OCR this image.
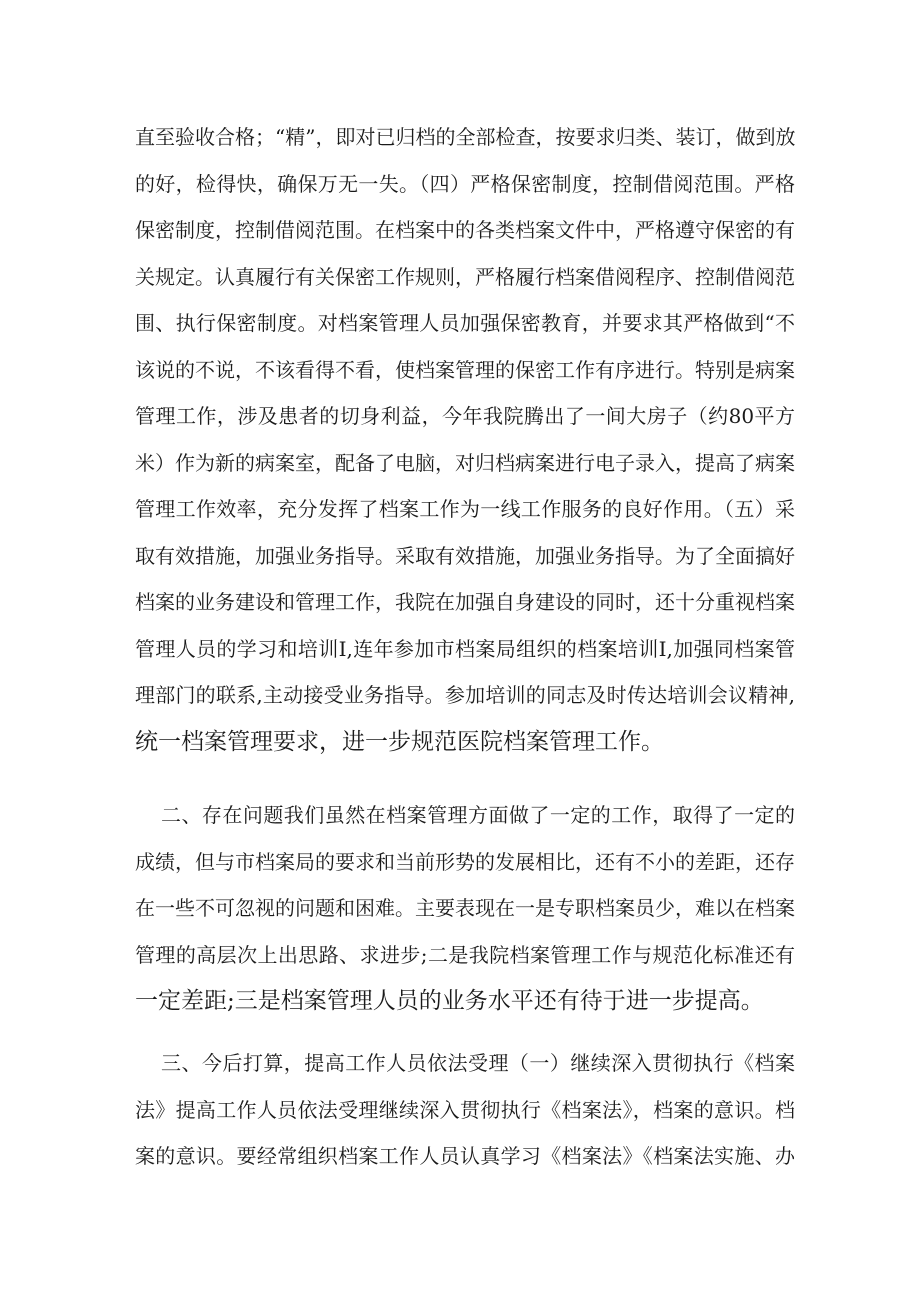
直至验收合格；“精”，即对已归档的全部检查，按要求归类、装订，做到放
的好，检得快，确保万无一失。（四）严格保密制度，控制借阅范围。严格
保密制度，控制借阅范围。在档案中的各类档案文件中，严格遵守保密的有
关规定。认真履行有关保密工作规则，严格履行档案借阅程序、控制借阅范
围、执行保密制度。对档案管理人员加强保密教育，并要求其严格做到“不
该说的不说，不该看得不看，使档案管理的保密工作有序进行。特别是病案
管理工作，涉及患者的切身利益，今年我院腾出了一间大房子（约80平方
米）作为新的病案室，配备了电脑，对归档病案进行电子录入，提高了病案
管理工作效率，充分发挥了档案工作为一线工作服务的良好作用。（五）采
取有效措施，加强业务指导。采取有效措施，加强业务指导。为了全面搞好
档案的业务建设和管理工作，我院在加强自身建设的同时，还十分重视档案
管理人员的学习和培训I,连年参加市档案局组织的档案培训I,加强同档案管
理部门的联系,主动接受业务指导。参加培训的同志及时传达培训会议精神,
统一档案管理要求，进一步规范医院档案管理工作。
二、存在问题我们虽然在档案管理方面做了一定的工作，取得了一定的
成绩，但与市档案局的要求和当前形势的发展相比，还有不小的差距，还存
在一些不可忽视的问题和困难。主要表现在一是专职档案员少，难以在档案
管理的高层次上出思路、求进步;二是我院档案管理工作与规范化标准还有
一定差距;三是档案管理人员的业务水平还有待于进一步提高。
三、今后打算，提高工作人员依法受理（一）继续深入贯彻执行《档案
法》提高工作人员依法受理继续深入贯彻执行《档案法》，档案的意识。档
案的意识。要经常组织档案工作人员认真学习《档案法》《档案法实施、办
